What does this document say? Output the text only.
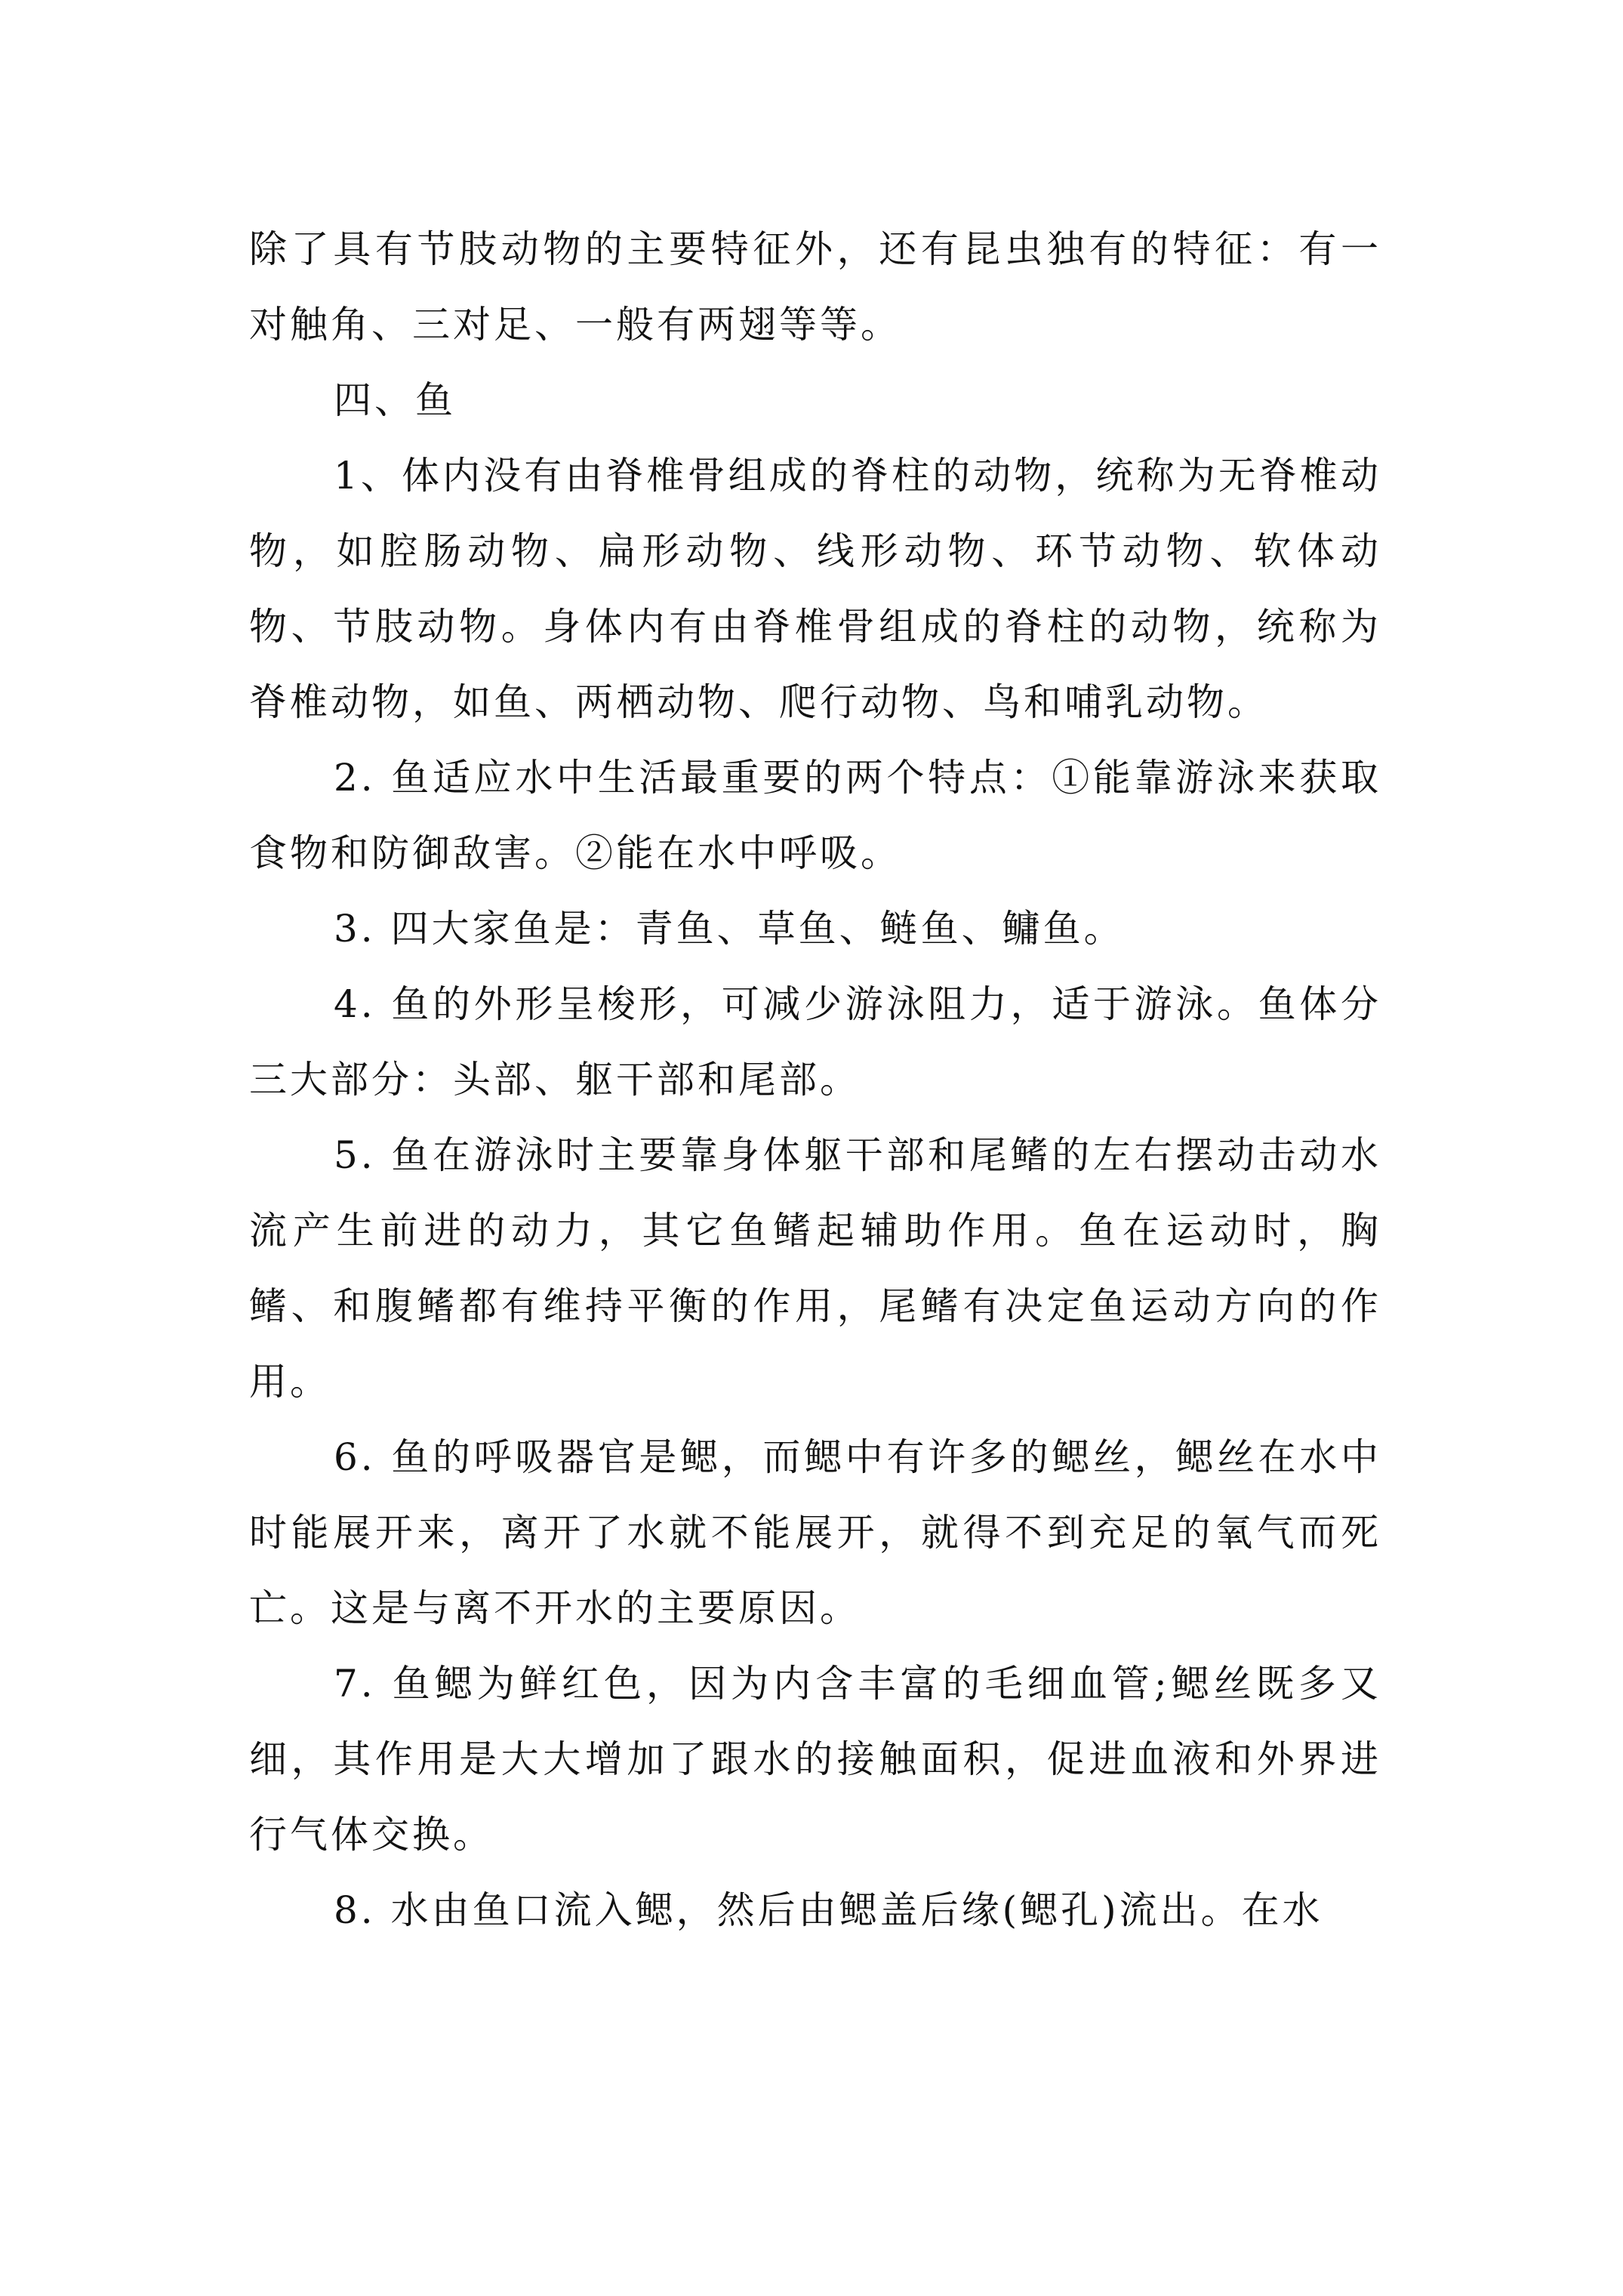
除了具有节肢动物的主要特征外，还有昆虫独有的特征：有一对触角、三对足、一般有两翅等等。

四、鱼

1、体内没有由脊椎骨组成的脊柱的动物，统称为无脊椎动物，如腔肠动物、扁形动物、线形动物、环节动物、软体动物、节肢动物。身体内有由脊椎骨组成的脊柱的动物，统称为脊椎动物，如鱼、两栖动物、爬行动物、鸟和哺乳动物。

2. 鱼适应水中生活最重要的两个特点：①能靠游泳来获取食物和防御敌害。②能在水中呼吸。

3. 四大家鱼是：青鱼、草鱼、鲢鱼、鳙鱼。

4. 鱼的外形呈梭形，可减少游泳阻力，适于游泳。鱼体分三大部分：头部、躯干部和尾部。

5. 鱼在游泳时主要靠身体躯干部和尾鳍的左右摆动击动水流产生前进的动力，其它鱼鳍起辅助作用。鱼在运动时，胸鳍、和腹鳍都有维持平衡的作用，尾鳍有决定鱼运动方向的作用。

6. 鱼的呼吸器官是鳃，而鳃中有许多的鳃丝，鳃丝在水中时能展开来，离开了水就不能展开，就得不到充足的氧气而死亡。这是与离不开水的主要原因。

7. 鱼鳃为鲜红色，因为内含丰富的毛细血管;鳃丝既多又细，其作用是大大增加了跟水的接触面积，促进血液和外界进行气体交换。

8. 水由鱼口流入鳃，然后由鳃盖后缘(鳃孔)流出。在水
